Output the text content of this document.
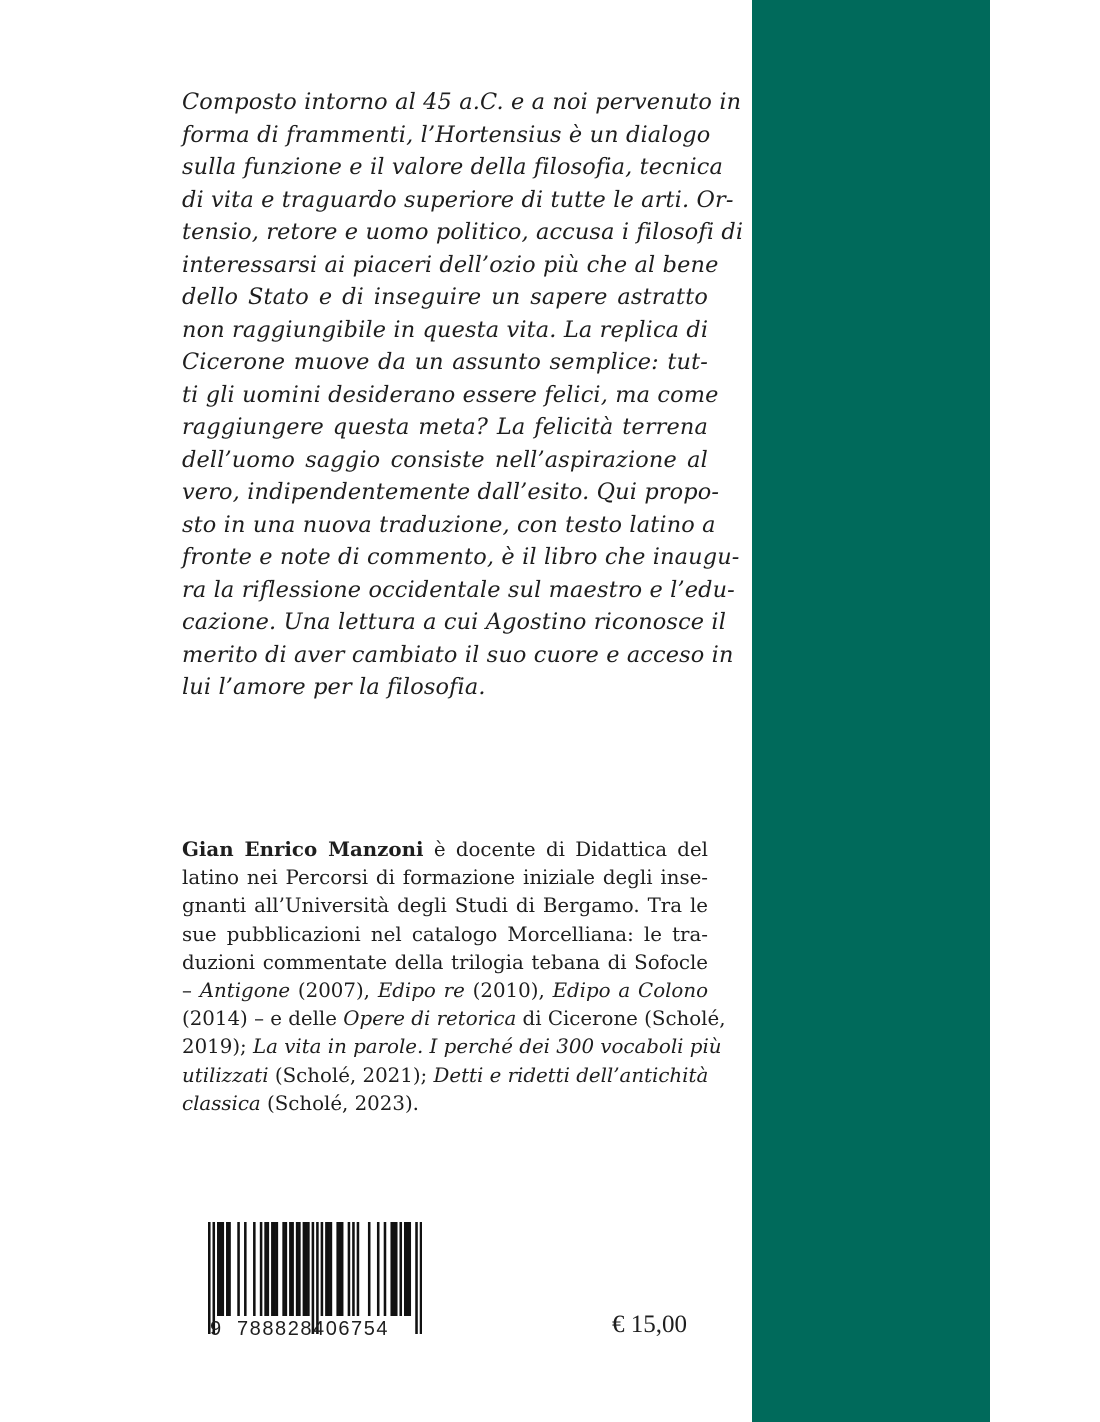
Composto intorno al 45 a.C. e a noi pervenuto in
forma di frammenti, l’Hortensius è un dialogo
sulla funzione e il valore della filosofia, tecnica
di vita e traguardo superiore di tutte le arti. Or-
tensio, retore e uomo politico, accusa i filosofi di
interessarsi ai piaceri dell’ozio più che al bene
dello Stato e di inseguire un sapere astratto
non raggiungibile in questa vita. La replica di
Cicerone muove da un assunto semplice: tut-
ti gli uomini desiderano essere felici, ma come
raggiungere questa meta? La felicità terrena
dell’uomo saggio consiste nell’aspirazione al
vero, indipendentemente dall’esito. Qui propo-
sto in una nuova traduzione, con testo latino a
fronte e note di commento, è il libro che inaugu-
ra la riflessione occidentale sul maestro e l’edu-
cazione. Una lettura a cui Agostino riconosce il
merito di aver cambiato il suo cuore e acceso in
lui l’amore per la filosofia.
Gian Enrico Manzoni è docente di Didattica del
latino nei Percorsi di formazione iniziale degli inse-
gnanti all’Università degli Studi di Bergamo. Tra le
sue pubblicazioni nel catalogo Morcelliana: le tra-
duzioni commentate della trilogia tebana di Sofocle
– Antigone (2007), Edipo re (2010), Edipo a Colono
(2014) – e delle Opere di retorica di Cicerone (Scholé,
2019); La vita in parole. I perché dei 300 vocaboli più
utilizzati (Scholé, 2021); Detti e ridetti dell’antichità
classica (Scholé, 2023).
9 788828406754	€ 15,00
